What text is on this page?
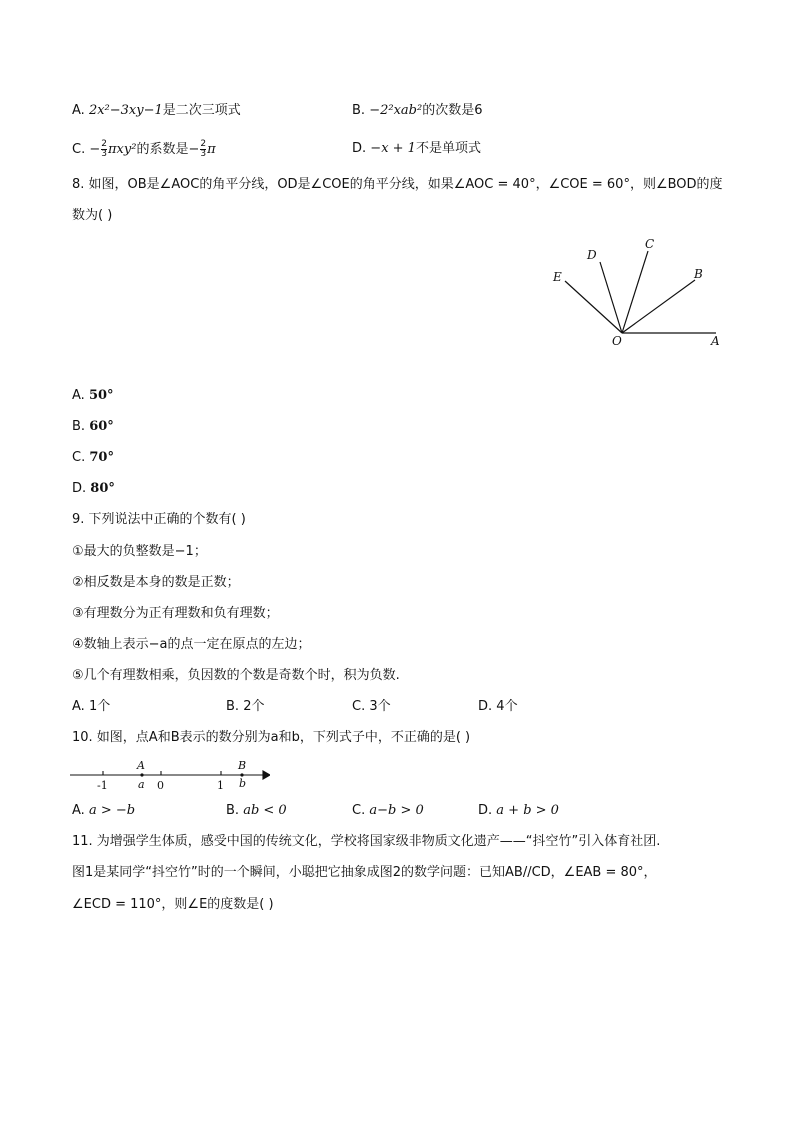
A. 2x²−3xy−1是二次三项式	B. −2²xab²的次数是6
C. − $\frac{2}{3} \pi xy^2$的系数是− $\frac{2}{3}$ π	D. −x + 1不是单项式
8. 如图，OB是∠AOC的角平分线，OD是∠COE的角平分线，如果∠AOC = 40°，∠COE = 60°，则∠BOD的度
数为( )
D
C
E	B
O	A
A. 50°
B. 60°
C. 70°
D. 80°
9. 下列说法中正确的个数有( )
①最大的负整数是−1；
②相反数是本身的数是正数；
③有理数分为正有理数和负有理数；
④数轴上表示−a的点一定在原点的左边；
⑤几个有理数相乘，负因数的个数是奇数个时，积为负数.
A. 1个	B. 2个	C. 3个	D. 4个
10. 如图，点A和B表示的数分别为a和b，下列式子中，不正确的是( )
-1	0	1
A
a
B
b
A. a > −b	B. ab < 0	C. a−b > 0	D. a + b > 0
11. 为增强学生体质，感受中国的传统文化，学校将国家级非物质文化遗产——“抖空竹”引入体育社团.
图1是某同学“抖空竹”时的一个瞬间，小聪把它抽象成图2的数学问题：已知AB//CD，∠EAB = 80°，
∠ECD = 110°，则∠E的度数是( )
